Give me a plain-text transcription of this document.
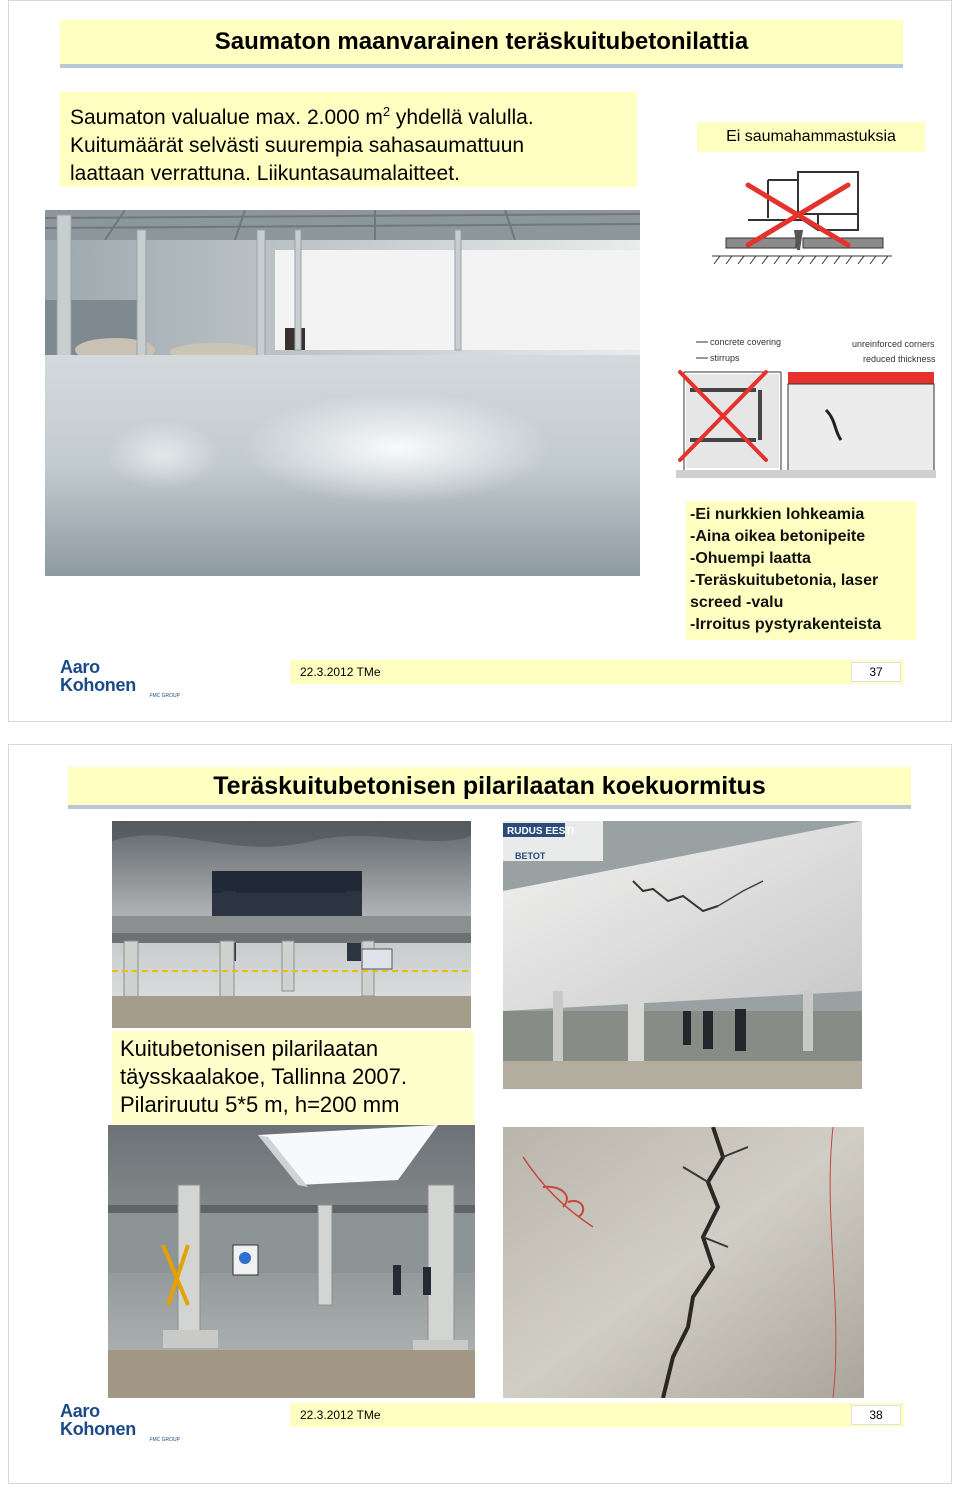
Saumaton maanvarainen teräskuitubetonilattia
Saumaton valualue max. 2.000 $m^2$ yhdellä valulla.
Kuitumäärät selvästi suurempia sahasaumattuun
laattaan verrattuna. Liikuntasaumalaitteet.
Ei saumahammastuksia
concrete covering
stirrups
unreinforced corners
reduced thickness
-Ei nurkkien lohkeamia
-Aina oikea betonipeite
-Ohuempi laatta
-Teräskuitubetonia, laser
screed -valu
-Irroitus pystyrakenteista
Aaro Kohonen
FMC GROUP
22.3.2012 TMe	37
Teräskuitubetonisen pilarilaatan koekuormitus
RUDUS EESTI
BETOT
Kuitubetonisen pilarilaatan
täysskaalakoe, Tallinna 2007.
Pilariruutu 5*5 m, h=200 mm
Aaro Kohonen
FMC GROUP
22.3.2012 TMe	38
